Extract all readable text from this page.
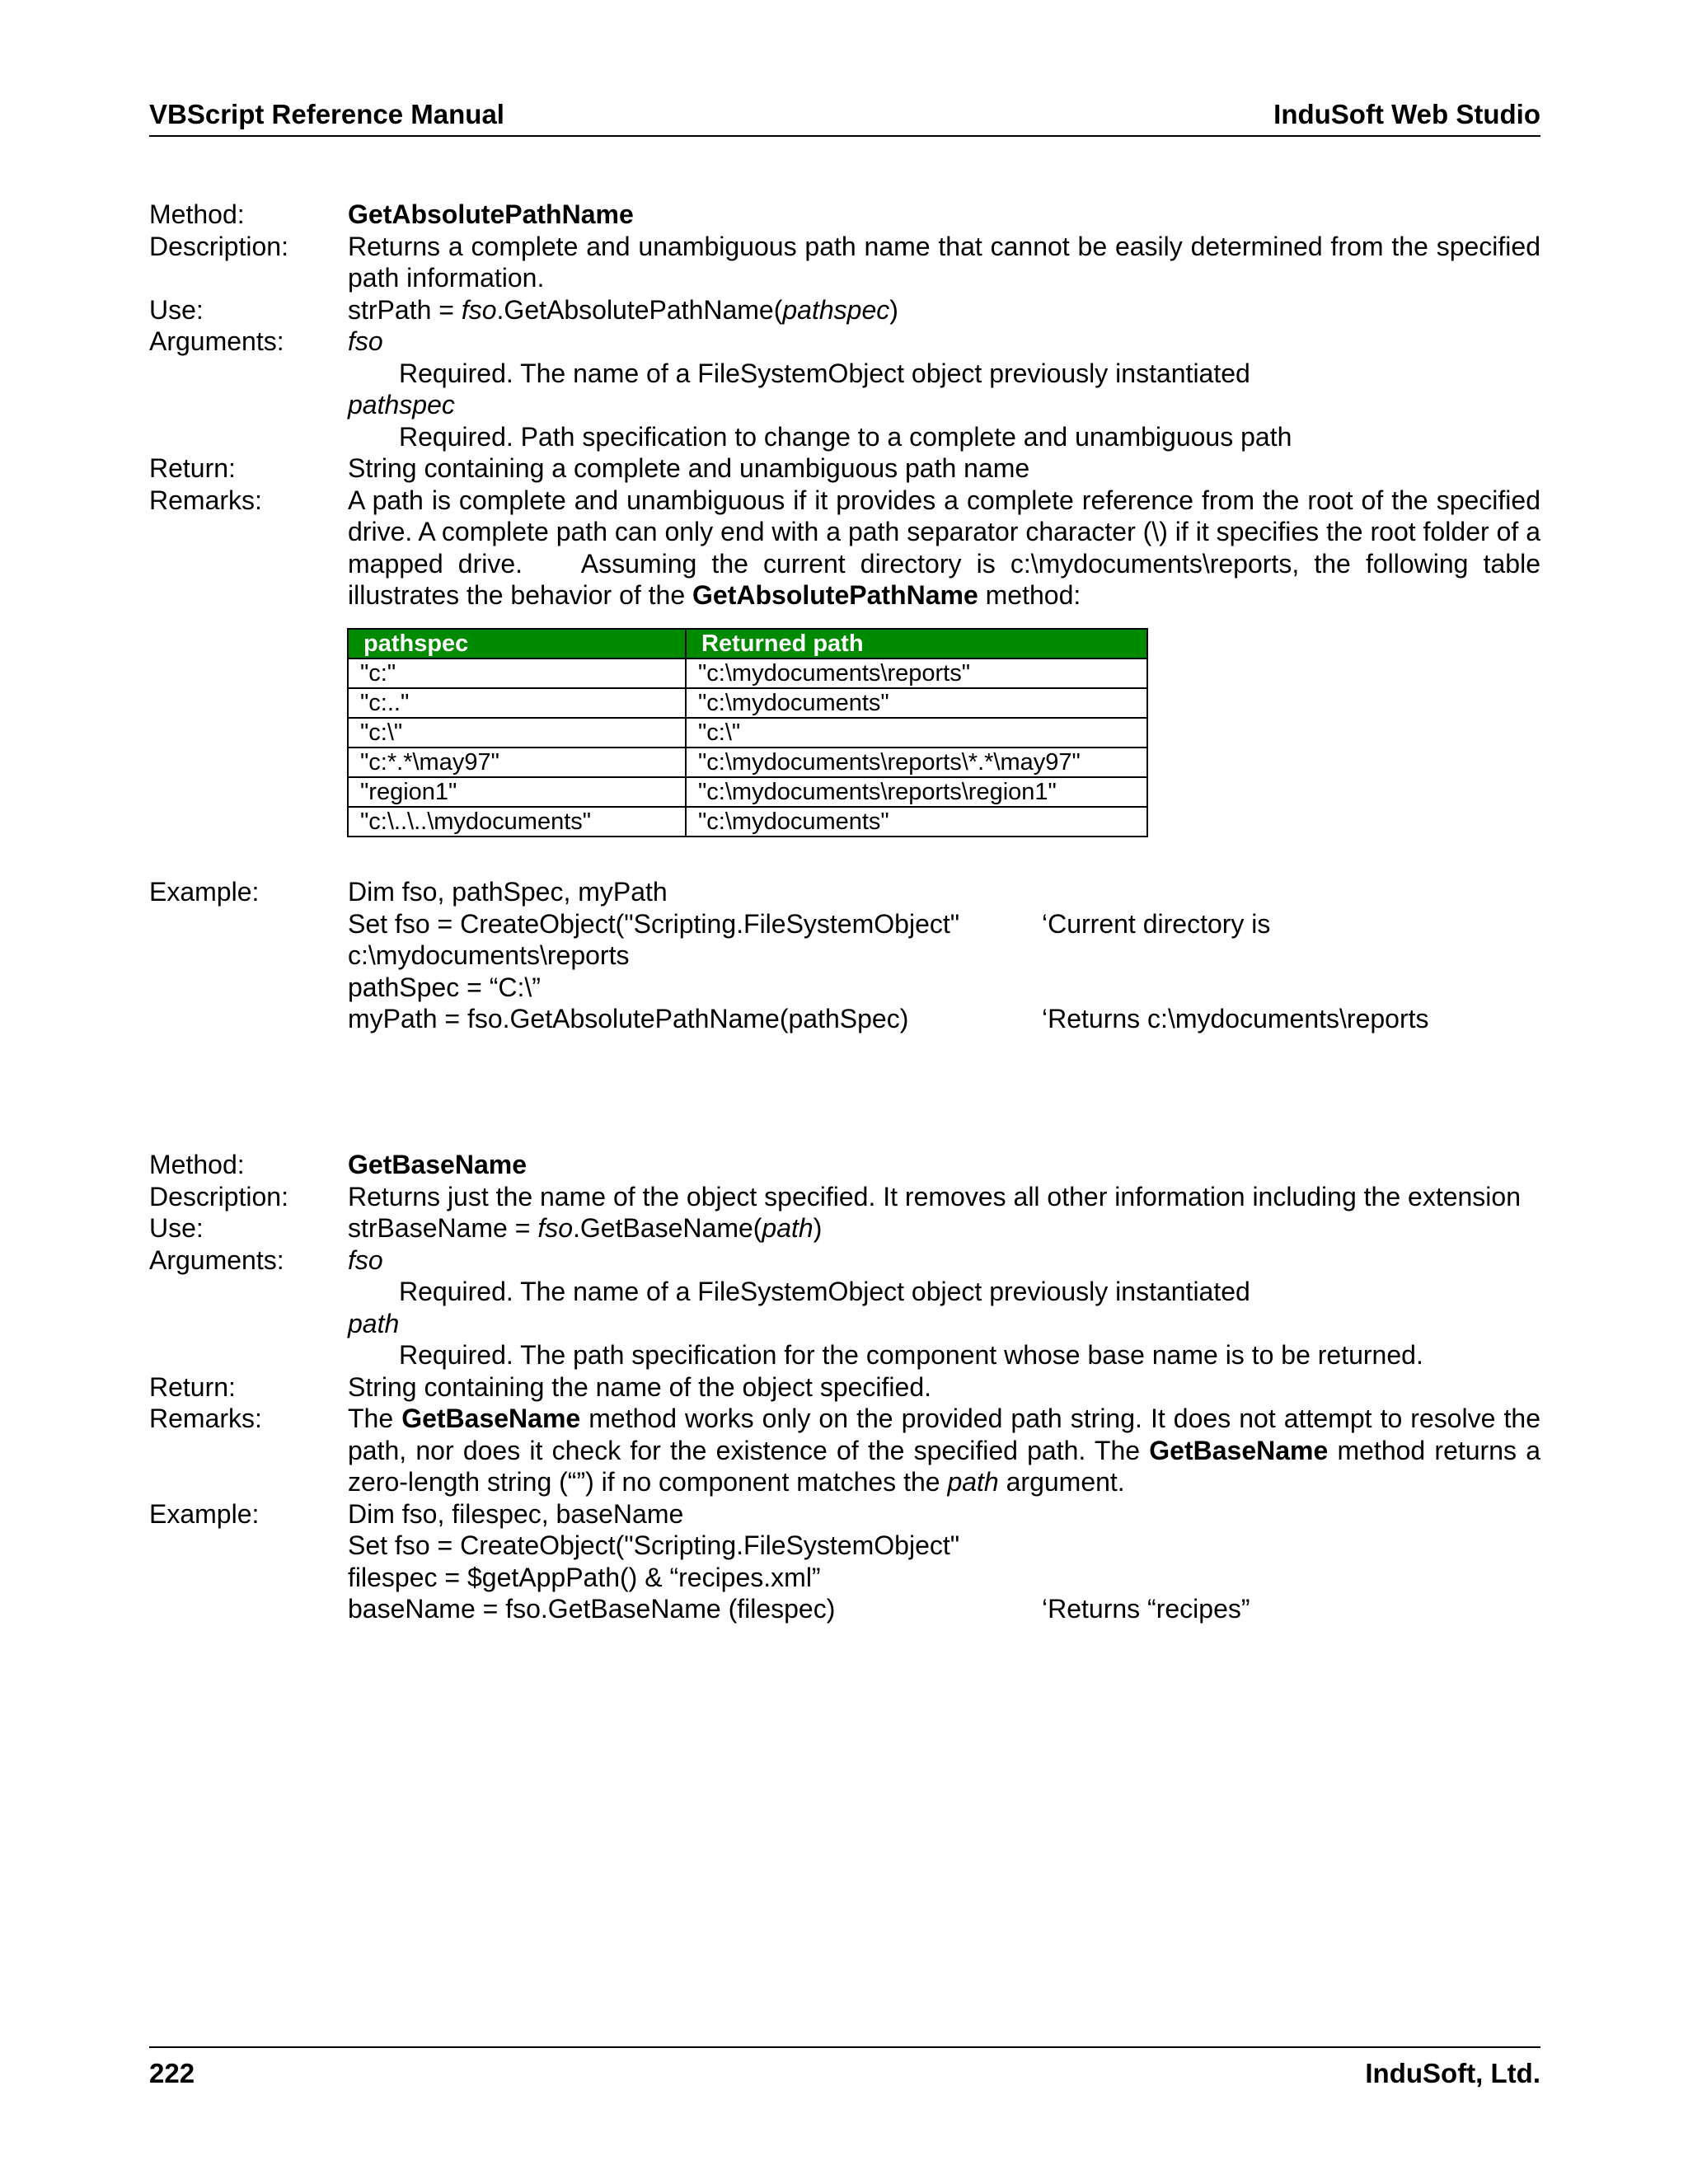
VBScript Reference Manual	InduSoft Web Studio
Method:	GetAbsolutePathName
Description:	Returns a complete and unambiguous path name that cannot be easily determined from the specified path information.
Use:	strPath = fso.GetAbsolutePathName(pathspec)
Arguments:	fso
Required. The name of a FileSystemObject object previously instantiated
pathspec
Required. Path specification to change to a complete and unambiguous path
Return:	String containing a complete and unambiguous path name
Remarks:	A path is complete and unambiguous if it provides a complete reference from the root of the specified drive. A complete path can only end with a path separator character (\) if it specifies the root folder of a mapped drive.    Assuming the current directory is c:\mydocuments\reports, the following table illustrates the behavior of the GetAbsolutePathName method:
pathspec	Returned path
"c:"	"c:\mydocuments\reports"
"c:.."	"c:\mydocuments"
"c:\"	"c:\"
"c:*.*\may97"	"c:\mydocuments\reports\*.*\may97"
"region1"	"c:\mydocuments\reports\region1"
"c:\..\..\mydocuments"	"c:\mydocuments"
Example:	Dim fso, pathSpec, myPath
Set fso = CreateObject("Scripting.FileSystemObject"	‘Current directory is
c:\mydocuments\reports
pathSpec = “C:\”
myPath = fso.GetAbsolutePathName(pathSpec)	‘Returns c:\mydocuments\reports
Method:	GetBaseName
Description:	Returns just the name of the object specified. It removes all other information including the extension
Use:	strBaseName = fso.GetBaseName(path)
Arguments:	fso
Required. The name of a FileSystemObject object previously instantiated
path
Required. The path specification for the component whose base name is to be returned.
Return:	String containing the name of the object specified.
Remarks:	The GetBaseName method works only on the provided path string. It does not attempt to resolve the path, nor does it check for the existence of the specified path. The GetBaseName method returns a zero-length string (“”) if no component matches the path argument.
Example:	Dim fso, filespec, baseName
Set fso = CreateObject("Scripting.FileSystemObject"
filespec = $getAppPath() & “recipes.xml”
baseName = fso.GetBaseName (filespec)	‘Returns “recipes”
222	InduSoft, Ltd.
